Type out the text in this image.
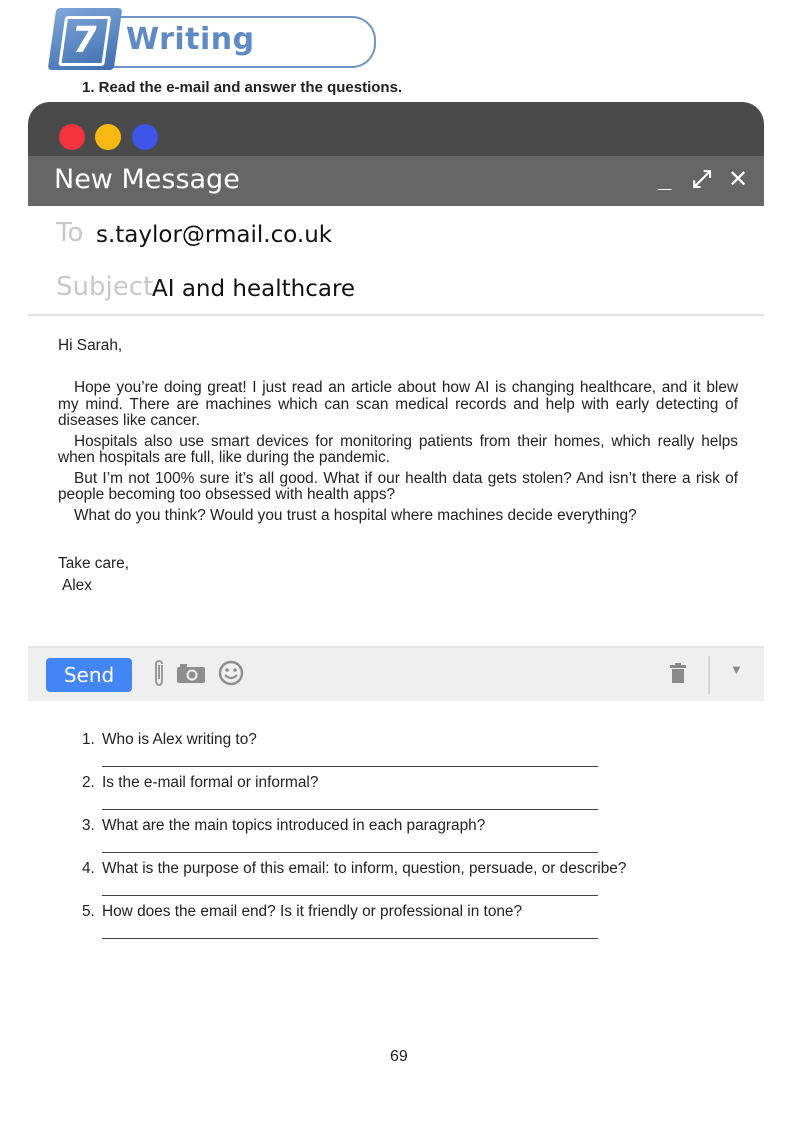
7 Writing
1. Read the e-mail and answer the questions.
New Message	_ ⤢ ✕
To s.taylor@rmail.co.uk
Subject
AI and healthcare
Hi Sarah,

Hope you’re doing great! I just read an article about how AI is changing healthcare, and it blew my mind. There are machines which can scan medical records and help with early detecting of diseases like cancer.

Hospitals also use smart devices for monitoring patients from their homes, which really helps when hospitals are full, like during the pandemic.

But I’m not 100% sure it’s all good. What if our health data gets stolen? And isn’t there a risk of people becoming too obsessed with health apps?

What do you think? Would you trust a hospital where machines decide everything?

Take care,
Alex
Send	▼
1. Who is Alex writing to?
2. Is the e-mail formal or informal?
3. What are the main topics introduced in each paragraph?
4. What is the purpose of this email: to inform, question, persuade, or describe?
5. How does the email end? Is it friendly or professional in tone?
69
